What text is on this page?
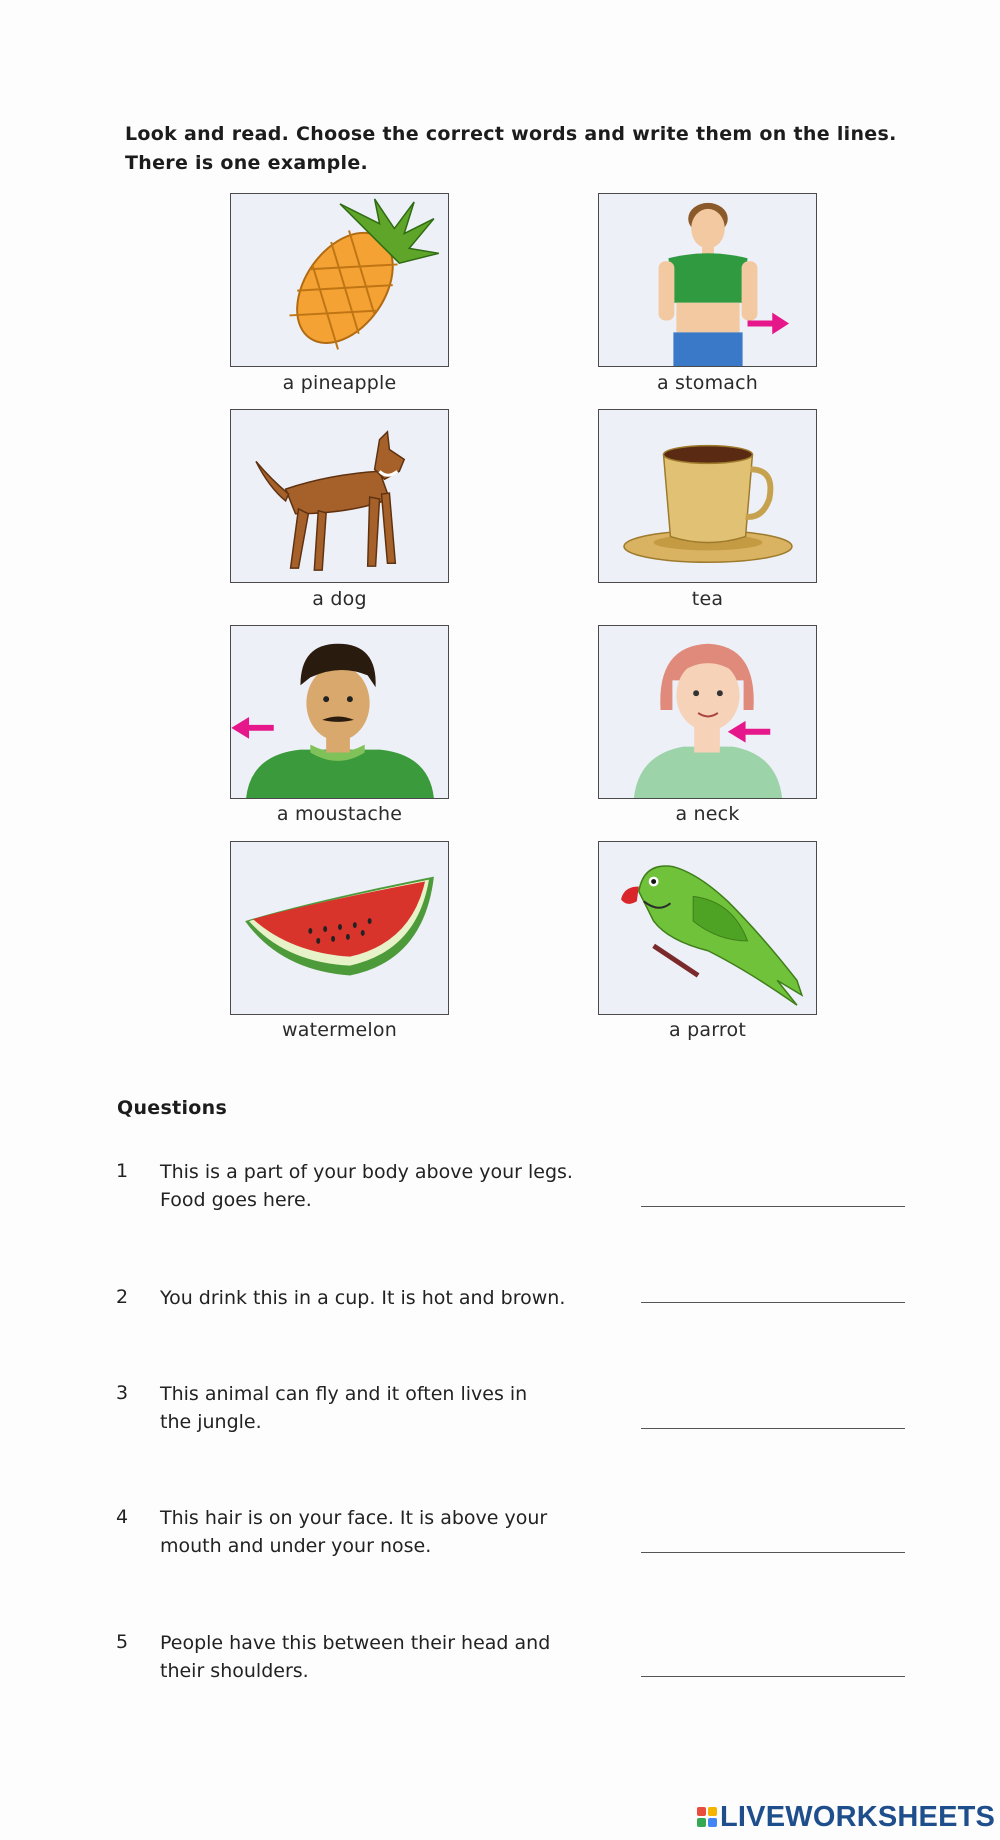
Look and read. Choose the correct words and write them on the lines.
There is one example.
a pineapple	a stomach
a dog	tea
a moustache	a neck
watermelon	a parrot
Questions
1 This is a part of your body above your legs.
Food goes here.
2 You drink this in a cup. It is hot and brown.
3 This animal can fly and it often lives in
the jungle.
4 This hair is on your face. It is above your
mouth and under your nose.
5 People have this between their head and
their shoulders.
LIVEWORKSHEETS
